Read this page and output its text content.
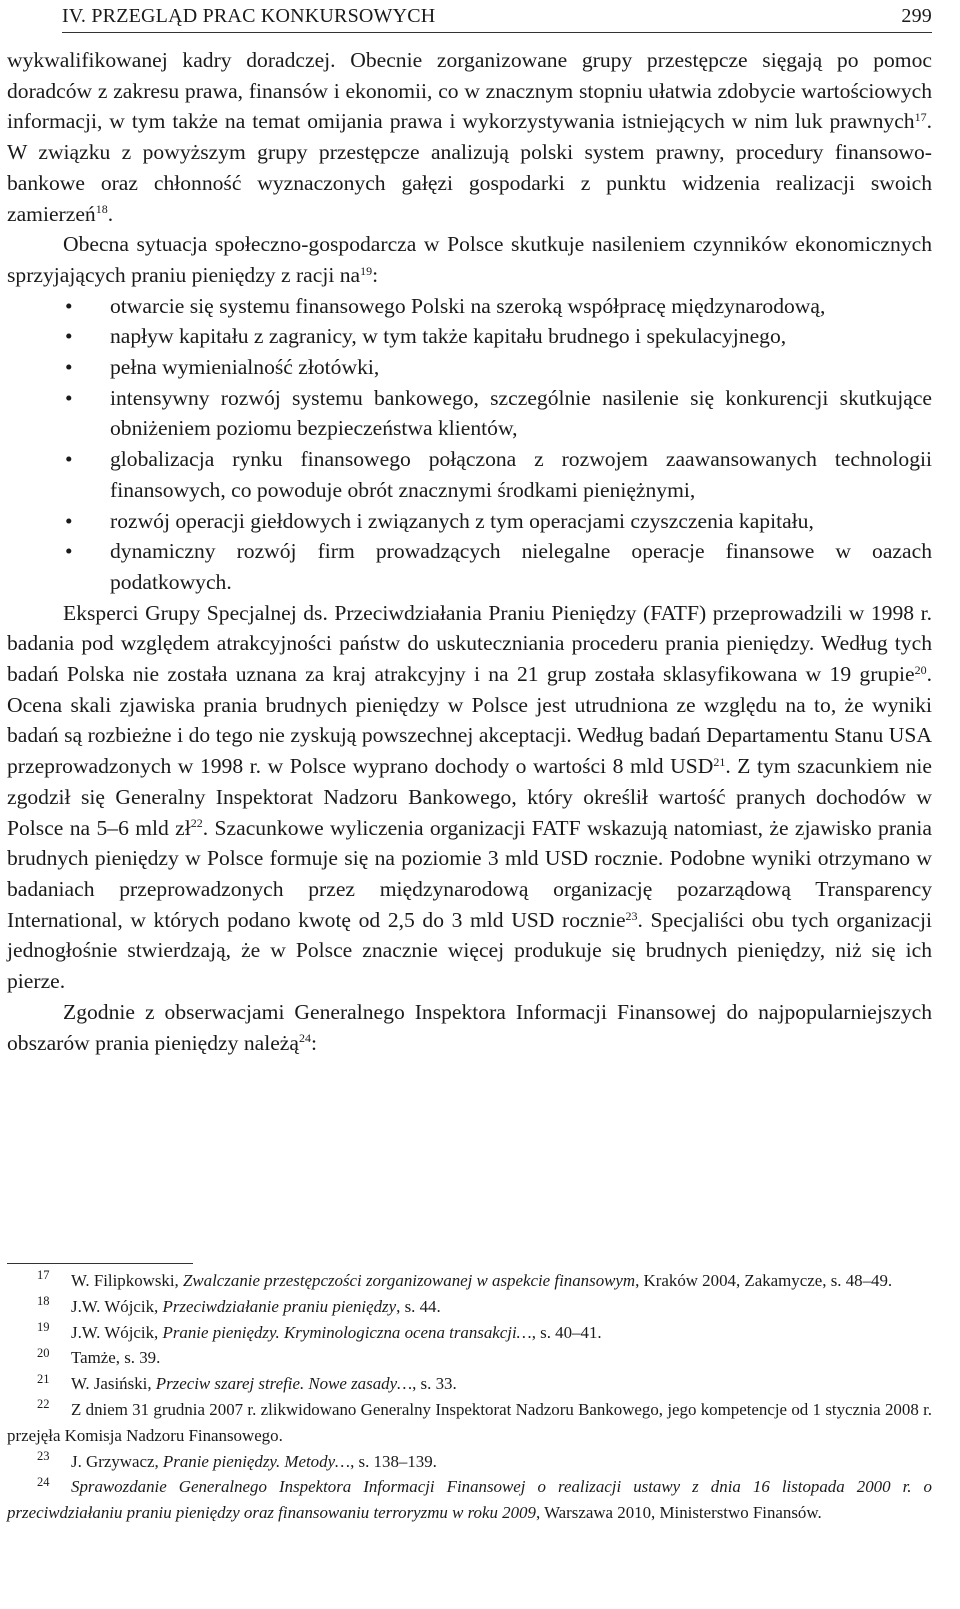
IV. PRZEGLĄD PRAC KONKURSOWYCH	299

wykwalifikowanej kadry doradczej. Obecnie zorganizowane grupy przestępcze sięgają po pomoc doradców z zakresu prawa, finansów i ekonomii, co w znacznym stopniu ułatwia zdobycie wartościowych informacji, w tym także na temat omijania prawa i wykorzystywania istniejących w nim luk prawnych$^{17}$. W związku z powyższym grupy przestępcze analizują polski system prawny, procedury finansowo-bankowe oraz chłonność wyznaczonych gałęzi gospodarki z punktu widzenia realizacji swoich zamierzeń$^{18}$.

Obecna sytuacja społeczno-gospodarcza w Polsce skutkuje nasileniem czynników ekonomicznych sprzyjających praniu pieniędzy z racji $na^{19}$:

• otwarcie się systemu finansowego Polski na szeroką współpracę międzynarodową,
• napływ kapitału z zagranicy, w tym także kapitału brudnego i spekulacyjnego,
• pełna wymienialność złotówki,
• intensywny rozwój systemu bankowego, szczególnie nasilenie się konkurencji skutkujące obniżeniem poziomu bezpieczeństwa klientów,
• globalizacja rynku finansowego połączona z rozwojem zaawansowanych technologii finansowych, co powoduje obrót znacznymi środkami pieniężnymi,
• rozwój operacji giełdowych i związanych z tym operacjami czyszczenia kapitału,
• dynamiczny rozwój firm prowadzących nielegalne operacje finansowe w oazach podatkowych.

Eksperci Grupy Specjalnej ds. Przeciwdziałania Praniu Pieniędzy (FATF) przeprowadzili w 1998 r. badania pod względem atrakcyjności państw do uskuteczniania procederu prania pieniędzy. Według tych badań Polska nie została uznana za kraj atrakcyjny i na 21 grup została sklasyfikowana w 19 grupie$^{20}$. Ocena skali zjawiska prania brudnych pieniędzy w Polsce jest utrudniona ze względu na to, że wyniki badań są rozbieżne i do tego nie zyskują powszechnej akceptacji. Według badań Departamentu Stanu USA przeprowadzonych w 1998 r. w Polsce wyprano dochody o wartości 8 mld USD$^{21}$. Z tym szacunkiem nie zgodził się Generalny Inspektorat Nadzoru Bankowego, który określił wartość pranych dochodów w Polsce na 5–6 mld $zł^{22}$. Szacunkowe wyliczenia organizacji FATF wskazują natomiast, że zjawisko prania brudnych pieniędzy w Polsce formuje się na poziomie 3 mld USD rocznie. Podobne wyniki otrzymano w badaniach przeprowadzonych przez międzynarodową organizację pozarządową Transparency International, w których podano kwotę od 2,5 do 3 mld USD rocznie$^{23}$. Specjaliści obu tych organizacji jednogłośnie stwierdzają, że w Polsce znacznie więcej produkuje się brudnych pieniędzy, niż się ich pierze.

Zgodnie z obserwacjami Generalnego Inspektora Informacji Finansowej do najpopularniejszych obszarów prania pieniędzy należą$^{24}$:

17 W. Filipkowski, Zwalczanie przestępczości zorganizowanej w aspekcie finansowym, Kraków 2004, Zakamycze, s. 48–49.

18 J.W. Wójcik, Przeciwdziałanie praniu pieniędzy, s. 44.

19 J.W. Wójcik, Pranie pieniędzy. Kryminologiczna ocena transakcji…, s. 40–41.

20 Tamże, s. 39.

21 W. Jasiński, Przeciw szarej strefie. Nowe zasady…, s. 33.

22 Z dniem 31 grudnia 2007 r. zlikwidowano Generalny Inspektorat Nadzoru Bankowego, jego kompetencje od 1 stycznia 2008 r. przejęła Komisja Nadzoru Finansowego.

23 J. Grzywacz, Pranie pieniędzy. Metody…, s. 138–139.

24 Sprawozdanie Generalnego Inspektora Informacji Finansowej o realizacji ustawy z dnia 16 listopada 2000 r. o przeciwdziałaniu praniu pieniędzy oraz finansowaniu terroryzmu w roku 2009, Warszawa 2010, Ministerstwo Finansów.
